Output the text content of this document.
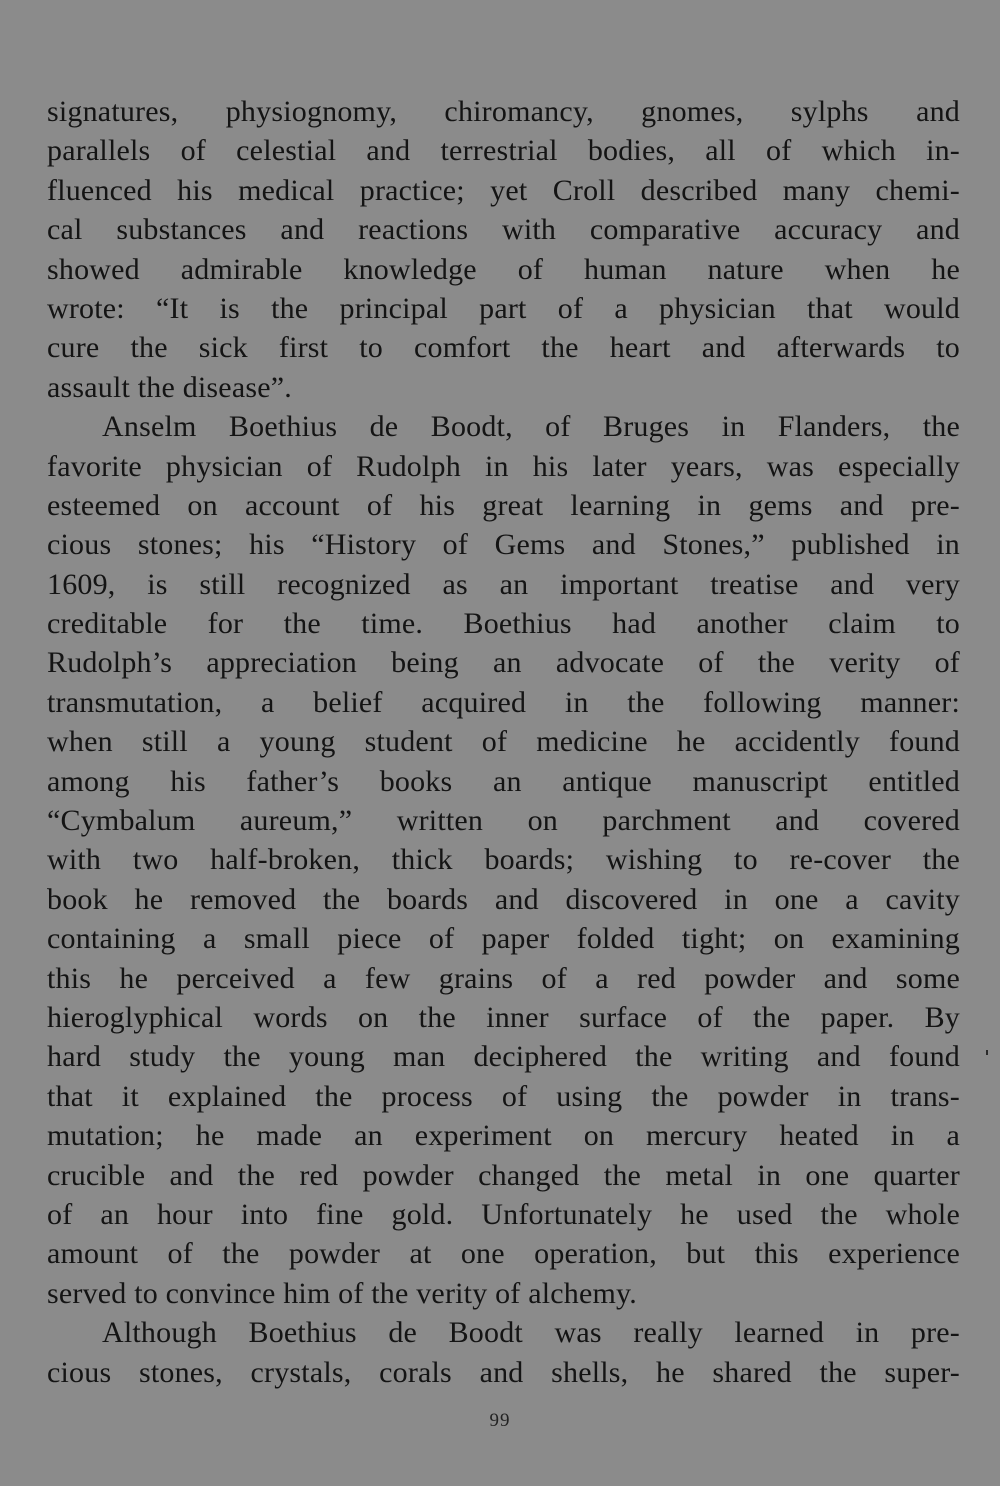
signatures, physiognomy, chiromancy, gnomes, sylphs and
parallels of celestial and terrestrial bodies, all of which in-
fluenced his medical practice; yet Croll described many chemi-
cal substances and reactions with comparative accuracy and
showed admirable knowledge of human nature when he
wrote: “It is the principal part of a physician that would
cure the sick first to comfort the heart and afterwards to
assault the disease”.
Anselm Boethius de Boodt, of Bruges in Flanders, the
favorite physician of Rudolph in his later years, was especially
esteemed on account of his great learning in gems and pre-
cious stones; his “History of Gems and Stones,” published in
1609, is still recognized as an important treatise and very
creditable for the time. Boethius had another claim to
Rudolph’s appreciation being an advocate of the verity of
transmutation, a belief acquired in the following manner:
when still a young student of medicine he accidently found
among his father’s books an antique manuscript entitled
“Cymbalum aureum,” written on parchment and covered
with two half-broken, thick boards; wishing to re-cover the
book he removed the boards and discovered in one a cavity
containing a small piece of paper folded tight; on examining
this he perceived a few grains of a red powder and some
hieroglyphical words on the inner surface of the paper. By
hard study the young man deciphered the writing and found
that it explained the process of using the powder in trans-
mutation; he made an experiment on mercury heated in a
crucible and the red powder changed the metal in one quarter
of an hour into fine gold. Unfortunately he used the whole
amount of the powder at one operation, but this experience
served to convince him of the verity of alchemy.
Although Boethius de Boodt was really learned in pre-
cious stones, crystals, corals and shells, he shared the super-
99
